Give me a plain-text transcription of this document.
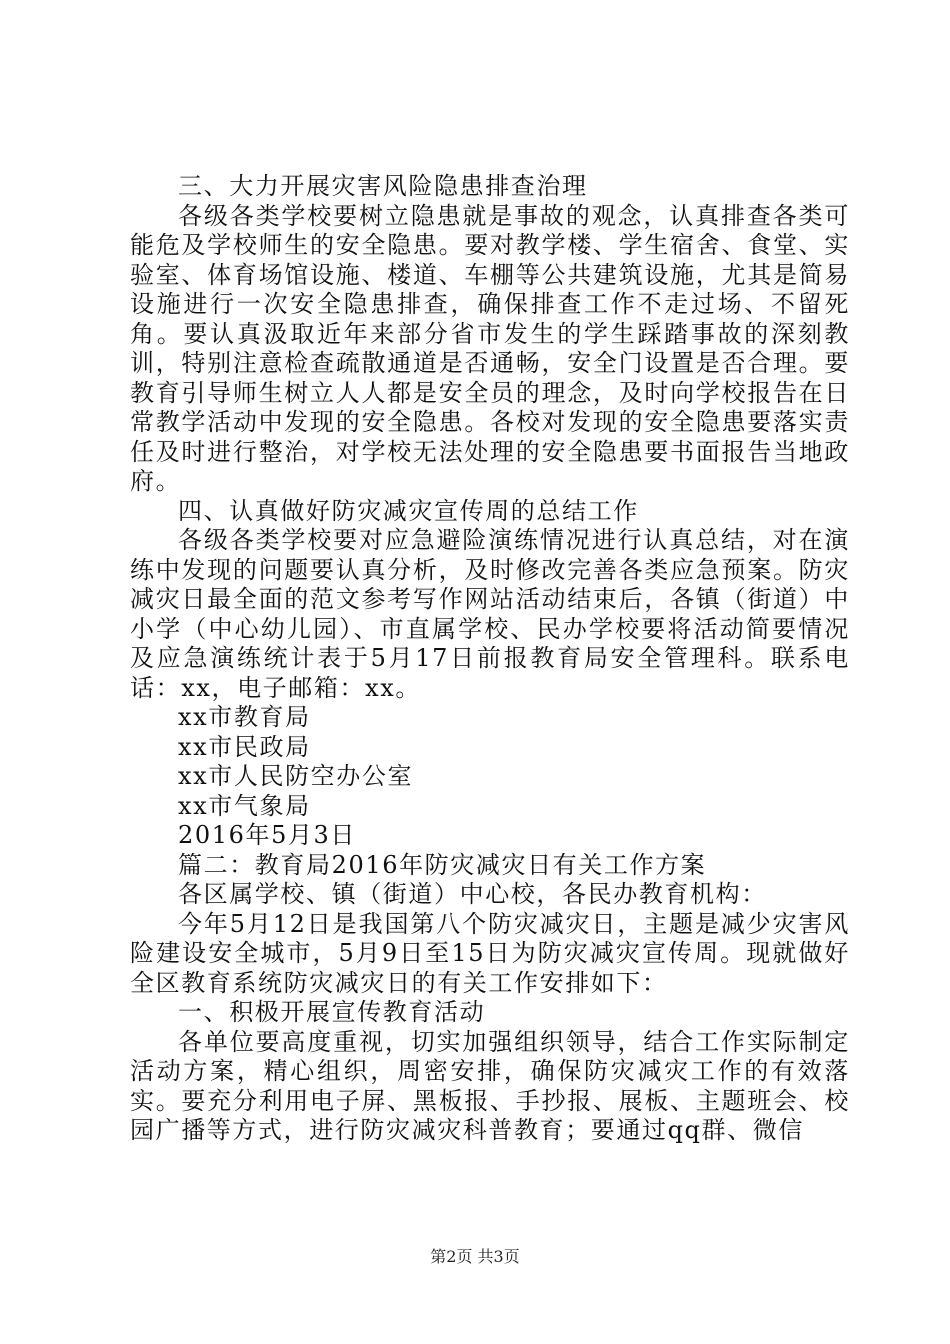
三、大力开展灾害风险隐患排查治理

各级各类学校要树立隐患就是事故的观念，认真排查各类可能危及学校师生的安全隐患。要对教学楼、学生宿舍、食堂、实验室、体育场馆设施、楼道、车棚等公共建筑设施，尤其是简易设施进行一次安全隐患排查，确保排查工作不走过场、不留死角。要认真汲取近年来部分省市发生的学生踩踏事故的深刻教训，特别注意检查疏散通道是否通畅，安全门设置是否合理。要教育引导师生树立人人都是安全员的理念，及时向学校报告在日常教学活动中发现的安全隐患。各校对发现的安全隐患要落实责任及时进行整治，对学校无法处理的安全隐患要书面报告当地政府。

四、认真做好防灾减灾宣传周的总结工作

各级各类学校要对应急避险演练情况进行认真总结，对在演练中发现的问题要认真分析，及时修改完善各类应急预案。防灾减灾日最全面的范文参考写作网站活动结束后，各镇（街道）中小学（中心幼儿园）、市直属学校、民办学校要将活动简要情况及应急演练统计表于5月17日前报教育局安全管理科。联系电话：xx，电子邮箱：xx。

xx市教育局

xx市民政局

xx市人民防空办公室

xx市气象局

2016年5月3日

篇二：教育局2016年防灾减灾日有关工作方案

各区属学校、镇（街道）中心校，各民办教育机构：

今年5月12日是我国第八个防灾减灾日，主题是减少灾害风险建设安全城市，5月9日至15日为防灾减灾宣传周。现就做好全区教育系统防灾减灾日的有关工作安排如下：

一、积极开展宣传教育活动

各单位要高度重视，切实加强组织领导，结合工作实际制定活动方案，精心组织，周密安排，确保防灾减灾工作的有效落实。要充分利用电子屏、黑板报、手抄报、展板、主题班会、校园广播等方式，进行防灾减灾科普教育；要通过qq群、微信

第2页 共3页
